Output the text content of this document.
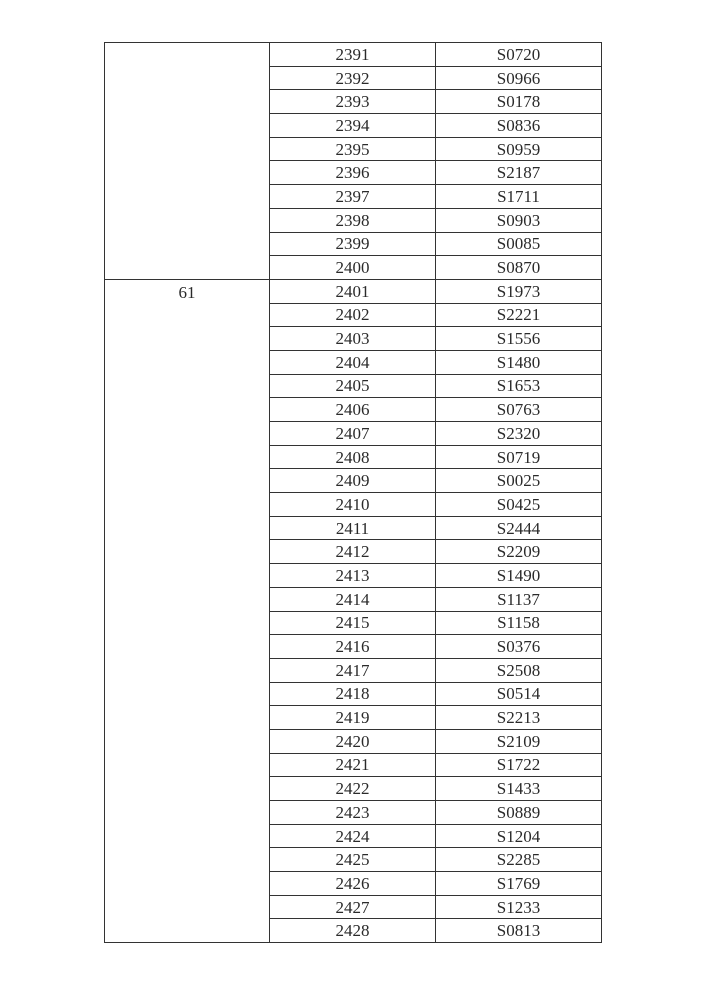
	2391	S0720
	2392	S0966
	2393	S0178
	2394	S0836
	2395	S0959
	2396	S2187
	2397	S1711
	2398	S0903
	2399	S0085
	2400	S0870
61	2401	S1973
	2402	S2221
	2403	S1556
	2404	S1480
	2405	S1653
	2406	S0763
	2407	S2320
	2408	S0719
	2409	S0025
	2410	S0425
	2411	S2444
	2412	S2209
	2413	S1490
	2414	S1137
	2415	S1158
	2416	S0376
	2417	S2508
	2418	S0514
	2419	S2213
	2420	S2109
	2421	S1722
	2422	S1433
	2423	S0889
	2424	S1204
	2425	S2285
	2426	S1769
	2427	S1233
	2428	S0813
